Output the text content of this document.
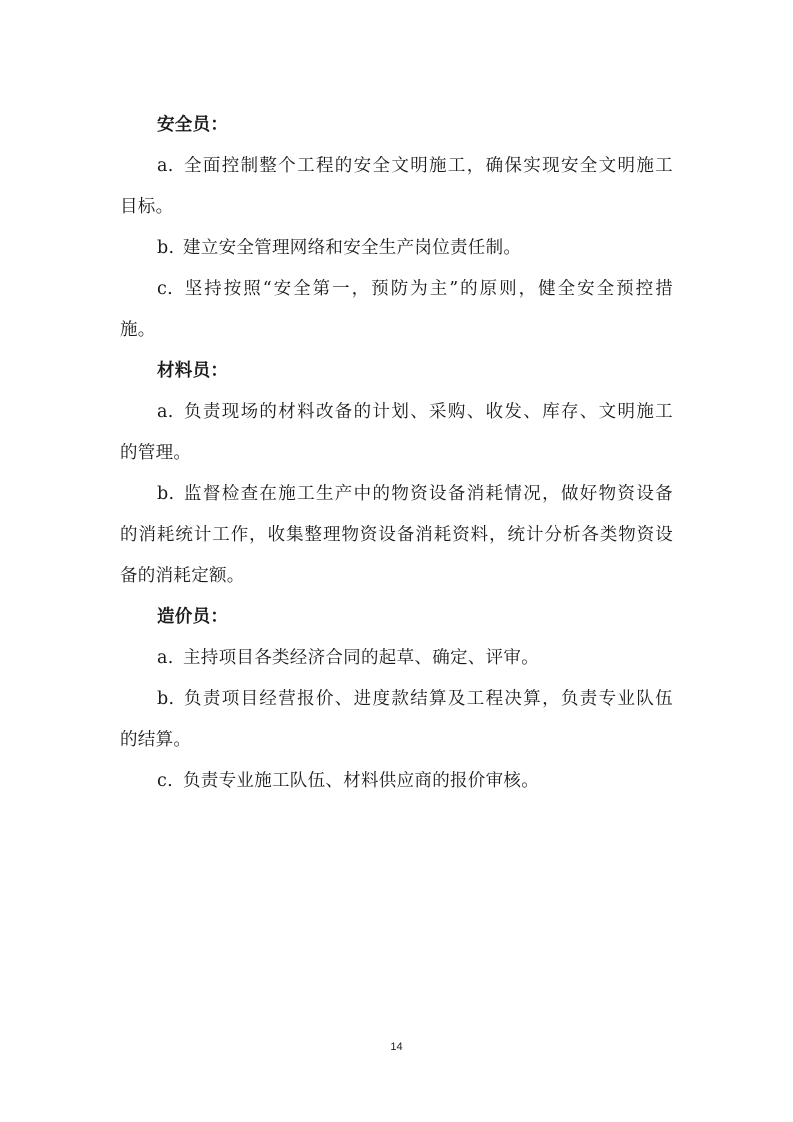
安全员：
a. 全面控制整个工程的安全文明施工，确保实现安全文明施工
目标。
b. 建立安全管理网络和安全生产岗位责任制。
c. 坚持按照“安全第一，预防为主”的原则，健全安全预控措
施。
材料员：
a. 负责现场的材料改备的计划、采购、收发、库存、文明施工
的管理。
b. 监督检查在施工生产中的物资设备消耗情况，做好物资设备
的消耗统计工作，收集整理物资设备消耗资料，统计分析各类物资设
备的消耗定额。
造价员：
a. 主持项目各类经济合同的起草、确定、评审。
b. 负责项目经营报价、进度款结算及工程决算，负责专业队伍
的结算。
c. 负责专业施工队伍、材料供应商的报价审核。
14
